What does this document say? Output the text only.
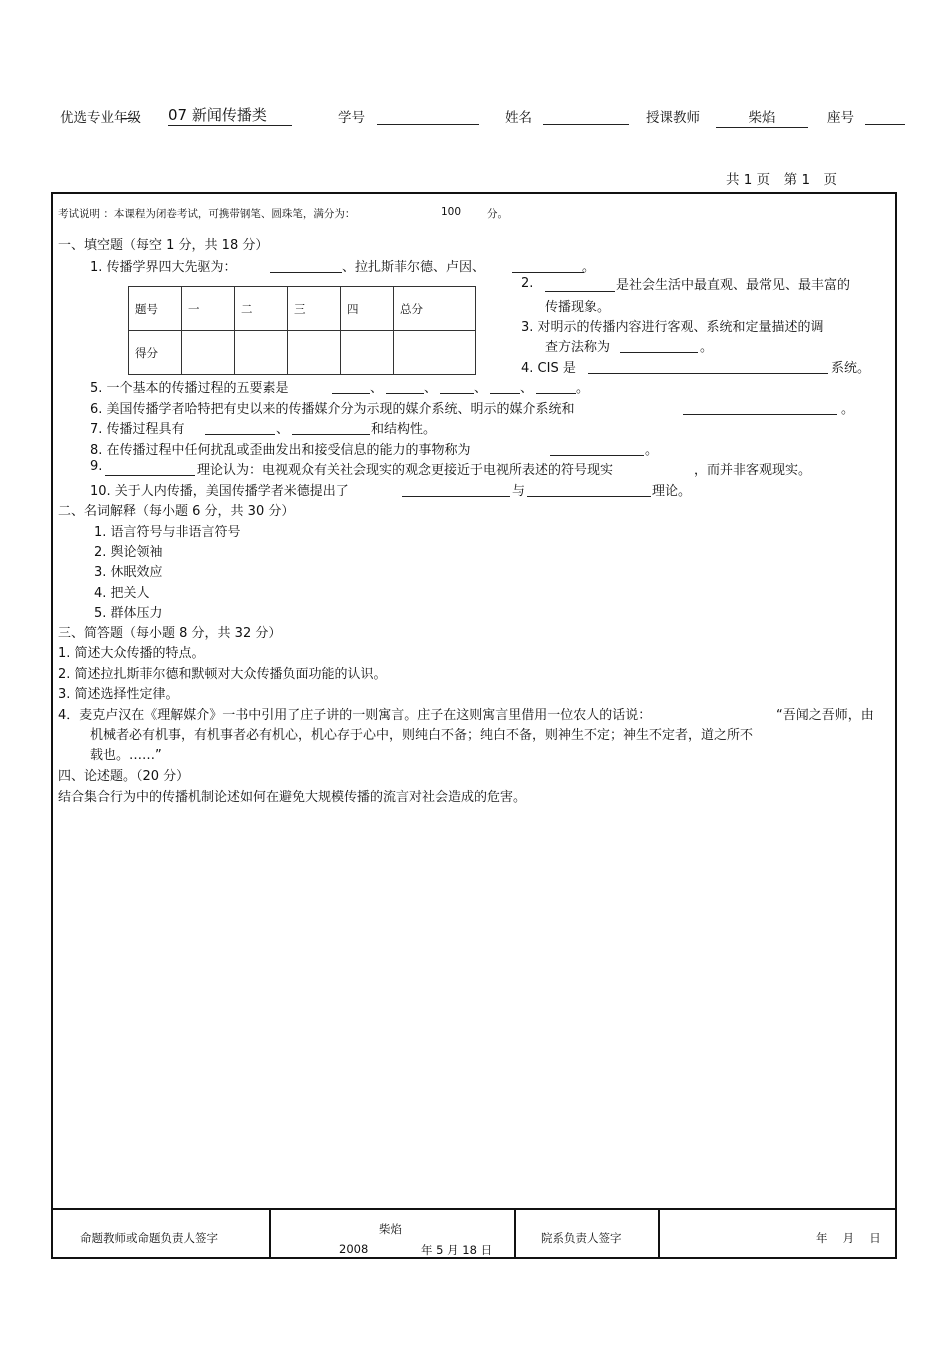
优选专业年级 07 新闻传播类	学号	姓名	授课教师	柴焰	座号
共 1 页　第 1　页
考试说明 ：本课程为闭卷考试，可携带钢笔、圆珠笔，满分为：	100 分。
一、填空题（每空 1 分，共 18 分）
1. 传播学界四大先驱为：	、拉扎斯菲尔德、卢因、	。
题号	一	二	三	四	总分
得分					
2.	是社会生活中最直观、最常见、最丰富的
传播现象。
3. 对明示的传播内容进行客观、系统和定量描述的调
查方法称为	。
4. CIS 是	系统。
5. 一个基本的传播过程的五要素是	、	、	、	、	。
6. 美国传播学者哈特把有史以来的传播媒介分为示现的媒介系统、明示的媒介系统和	。
7. 传播过程具有	、	和结构性。
8. 在传播过程中任何扰乱或歪曲发出和接受信息的能力的事物称为	。
9.	理论认为：电视观众有关社会现实的观念更接近于电视所表述的符号现实	，而并非客观现实。
10. 关于人内传播，美国传播学者米德提出了	与	理论。
二、名词解释（每小题 6 分，共 30 分）
1. 语言符号与非语言符号
2. 舆论领袖
3. 休眠效应
4. 把关人
5. 群体压力
三、简答题（每小题 8 分，共 32 分）
1. 简述大众传播的特点。
2. 简述拉扎斯菲尔德和默顿对大众传播负面功能的认识。
3. 简述选择性定律。
4．麦克卢汉在《理解媒介》一书中引用了庄子讲的一则寓言。庄子在这则寓言里借用一位农人的话说：	“吾闻之吾师，由
机械者必有机事，有机事者必有机心，机心存于心中，则纯白不备；纯白不备，则神生不定；神生不定者，道之所不
载也。……”
四、论述题。（20 分）
结合集合行为中的传播机制论述如何在避免大规模传播的流言对社会造成的危害。
命题教师或命题负责人签字
柴焰
2008	年 5 月 18 日
院系负责人签字	年　 月　 日
